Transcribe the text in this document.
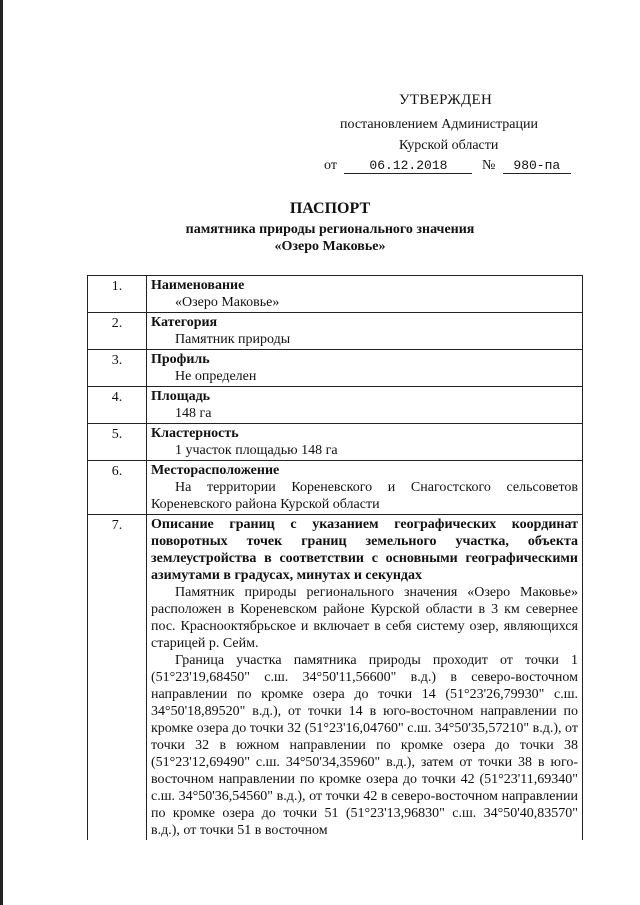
УТВЕРЖДЕН
постановлением Администрации
Курской области
от 06.12.2018 № 980-па
ПАСПОРТ
памятника природы регионального значения
«Озеро Маковье»
1.	Наименование
«Озеро Маковье»

2.	Категория
Памятник природы

3.	Профиль
Не определен

4.	Площадь
148 га

5.	Кластерность
1 участок площадью 148 га

6.	Месторасположение
На территории Кореневского и Снагостского сельсоветов Кореневского района Курской области

7.	Описание границ с указанием географических координат поворотных точек границ земельного участка, объекта землеустройства в соответствии с основными географическими азимутами в градусах, минутах и секундах

Памятник природы регионального значения «Озеро Маковье» расположен в Кореневском районе Курской области в 3 км севернее пос. Краснооктябрьское и включает в себя систему озер, являющихся старицей р. Сейм.

Граница участка памятника природы проходит от точки 1 (51°23'19,68450" с.ш. 34°50'11,56600" в.д.) в северо-восточном направлении по кромке озера до точки 14 (51°23'26,79930" с.ш. 34°50'18,89520" в.д.), от точки 14 в юго-восточном направлении по кромке озера до точки 32 (51°23'16,04760" с.ш. 34°50'35,57210" в.д.), от точки 32 в южном направлении по кромке озера до точки 38 (51°23'12,69490" с.ш. 34°50'34,35960" в.д.), затем от точки 38 в юго-восточном направлении по кромке озера до точки 42 (51°23'11,69340" с.ш. 34°50'36,54560" в.д.), от точки 42 в северо-восточном направлении по кромке озера до точки 51 (51°23'13,96830" с.ш. 34°50'40,83570" в.д.), от точки 51 в восточном
